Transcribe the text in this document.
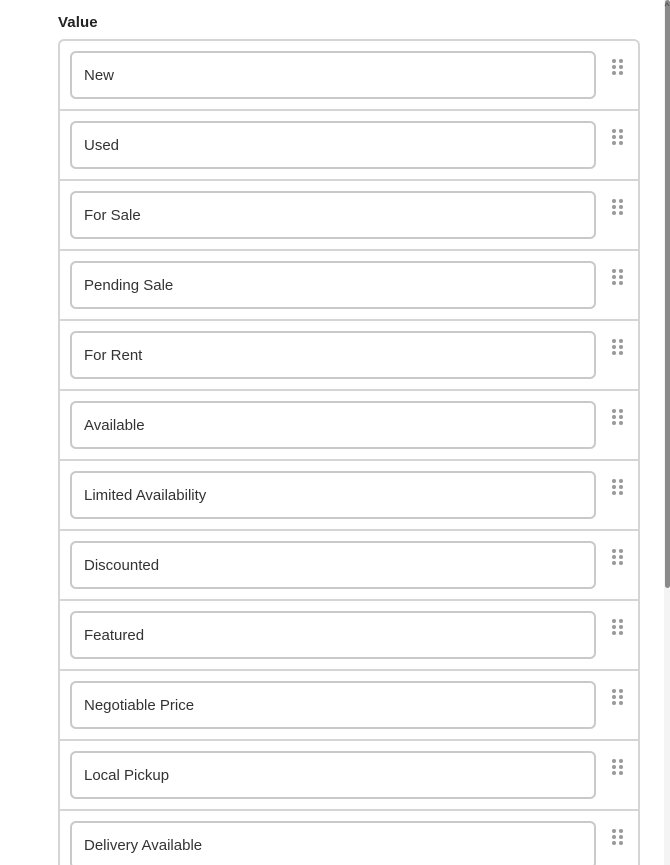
Value
New
Used
For Sale
Pending Sale
For Rent
Available
Limited Availability
Discounted
Featured
Negotiable Price
Local Pickup
Delivery Available
